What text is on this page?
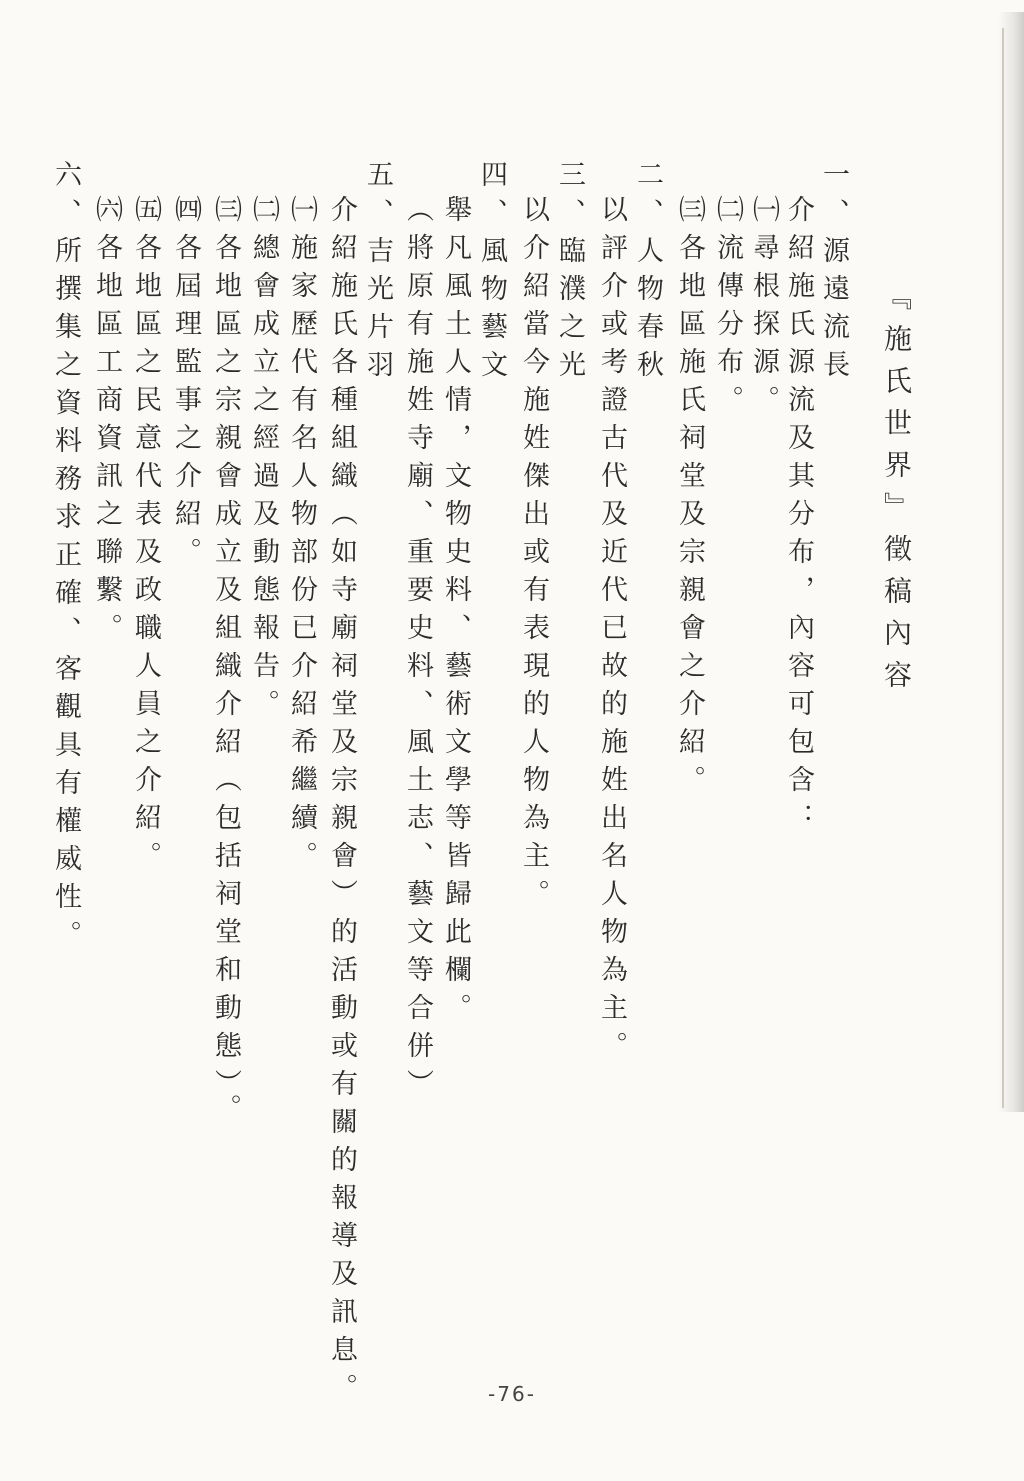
『施氏世界』徵稿內容
一、源遠流長
介紹施氏源流及其分布，內容可包含：
㈠尋根探源。
㈡流傳分布。
㈢各地區施氏祠堂及宗親會之介紹。
二、人物春秋
以評介或考證古代及近代已故的施姓出名人物為主。
三、臨濮之光
以介紹當今施姓傑出或有表現的人物為主。
四、風物藝文
舉凡風土人情，文物史料、藝術文學等皆歸此欄。
（將原有施姓寺廟、重要史料、風土志、藝文等合併）
五、吉光片羽
介紹施氏各種組織（如寺廟祠堂及宗親會）的活動或有關的報導及訊息。
㈠施家歷代有名人物部份已介紹希繼續。
㈡總會成立之經過及動態報告。
㈢各地區之宗親會成立及組織介紹（包括祠堂和動態）。
㈣各屆理監事之介紹。
㈤各地區之民意代表及政職人員之介紹。
㈥各地區工商資訊之聯繫。
六、所撰集之資料務求正確、客觀具有權威性。
-76-
